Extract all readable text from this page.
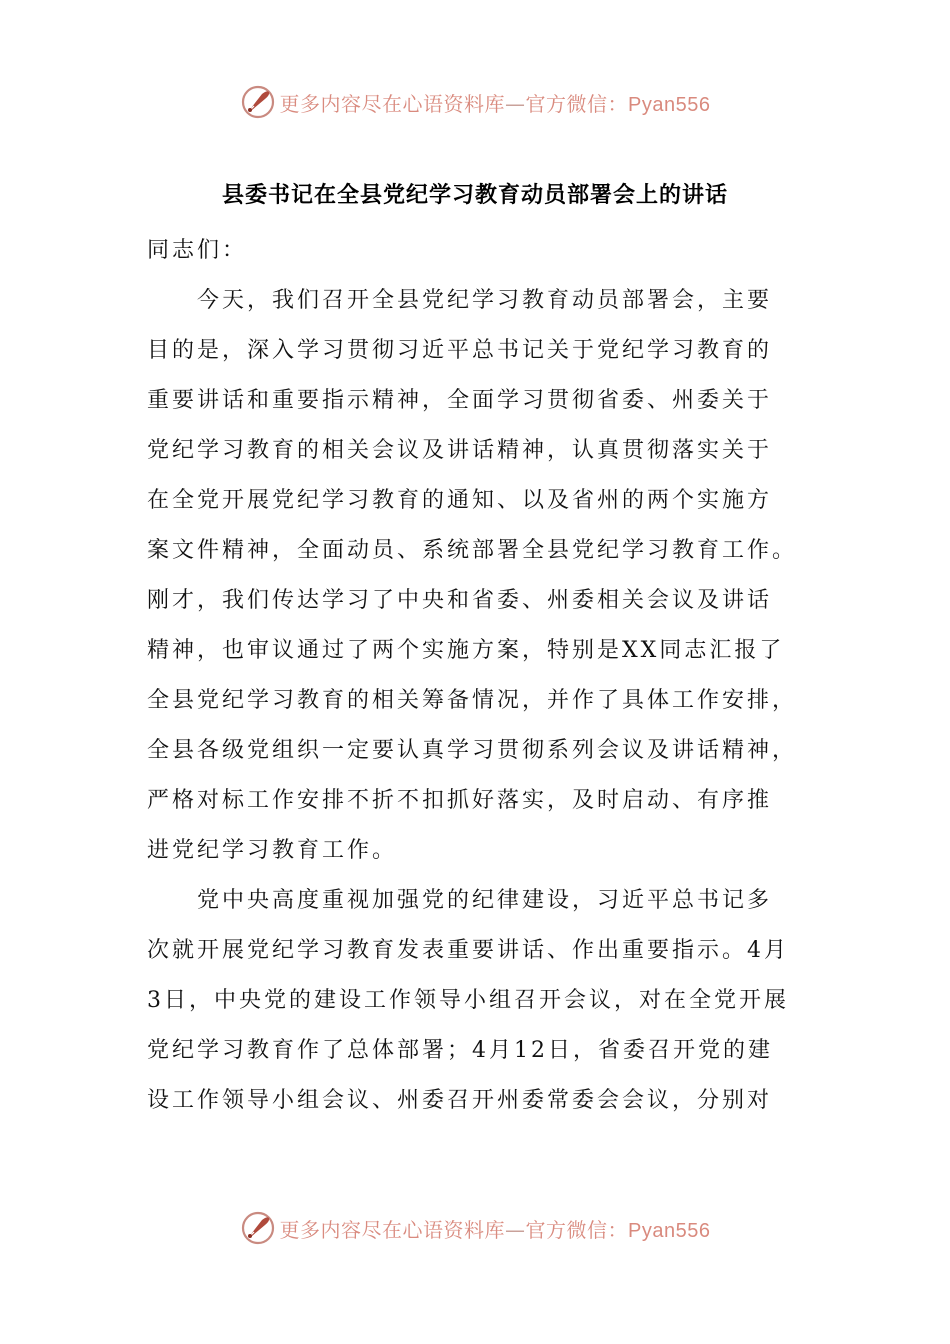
更多内容尽在心语资料库—官方微信：Pyan556
县委书记在全县党纪学习教育动员部署会上的讲话

同志们：

今天，我们召开全县党纪学习教育动员部署会，主要

目的是，深入学习贯彻习近平总书记关于党纪学习教育的

重要讲话和重要指示精神，全面学习贯彻省委、州委关于

党纪学习教育的相关会议及讲话精神，认真贯彻落实关于

在全党开展党纪学习教育的通知、以及省州的两个实施方

案文件精神，全面动员、系统部署全县党纪学习教育工作。

刚才，我们传达学习了中央和省委、州委相关会议及讲话

精神，也审议通过了两个实施方案，特别是XX同志汇报了

全县党纪学习教育的相关筹备情况，并作了具体工作安排，

全县各级党组织一定要认真学习贯彻系列会议及讲话精神，

严格对标工作安排不折不扣抓好落实，及时启动、有序推

进党纪学习教育工作。

党中央高度重视加强党的纪律建设，习近平总书记多

次就开展党纪学习教育发表重要讲话、作出重要指示。4月

3日，中央党的建设工作领导小组召开会议，对在全党开展

党纪学习教育作了总体部署；4月12日，省委召开党的建

设工作领导小组会议、州委召开州委常委会会议，分别对

更多内容尽在心语资料库—官方微信：Pyan556
